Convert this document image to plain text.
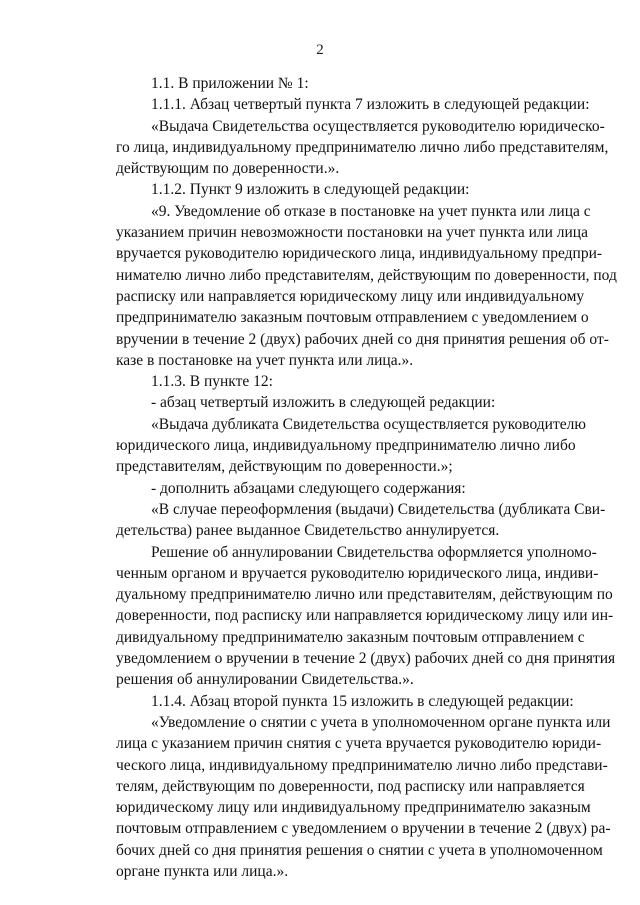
2
1.1. В приложении № 1:
1.1.1. Абзац четвертый пункта 7 изложить в следующей редакции:
«Выдача Свидетельства осуществляется руководителю юридическо-
го лица, индивидуальному предпринимателю лично либо представителям,
действующим по доверенности.».
1.1.2. Пункт 9 изложить в следующей редакции:
«9. Уведомление об отказе в постановке на учет пункта или лица с
указанием причин невозможности постановки на учет пункта или лица
вручается руководителю юридического лица, индивидуальному предпри-
нимателю лично либо представителям, действующим по доверенности, под
расписку или направляется юридическому лицу или индивидуальному
предпринимателю заказным почтовым отправлением с уведомлением о
вручении в течение 2 (двух) рабочих дней со дня принятия решения об от-
казе в постановке на учет пункта или лица.».
1.1.3. В пункте 12:
- абзац четвертый изложить в следующей редакции:
«Выдача дубликата Свидетельства осуществляется руководителю
юридического лица, индивидуальному предпринимателю лично либо
представителям, действующим по доверенности.»;
- дополнить абзацами следующего содержания:
«В случае переоформления (выдачи) Свидетельства (дубликата Сви-
детельства) ранее выданное Свидетельство аннулируется.
Решение об аннулировании Свидетельства оформляется уполномо-
ченным органом и вручается руководителю юридического лица, индиви-
дуальному предпринимателю лично или представителям, действующим по
доверенности, под расписку или направляется юридическому лицу или ин-
дивидуальному предпринимателю заказным почтовым отправлением с
уведомлением о вручении в течение 2 (двух) рабочих дней со дня принятия
решения об аннулировании Свидетельства.».
1.1.4. Абзац второй пункта 15 изложить в следующей редакции:
«Уведомление о снятии с учета в уполномоченном органе пункта или
лица с указанием причин снятия с учета вручается руководителю юриди-
ческого лица, индивидуальному предпринимателю лично либо представи-
телям, действующим по доверенности, под расписку или направляется
юридическому лицу или индивидуальному предпринимателю заказным
почтовым отправлением с уведомлением о вручении в течение 2 (двух) ра-
бочих дней со дня принятия решения о снятии с учета в уполномоченном
органе пункта или лица.».
